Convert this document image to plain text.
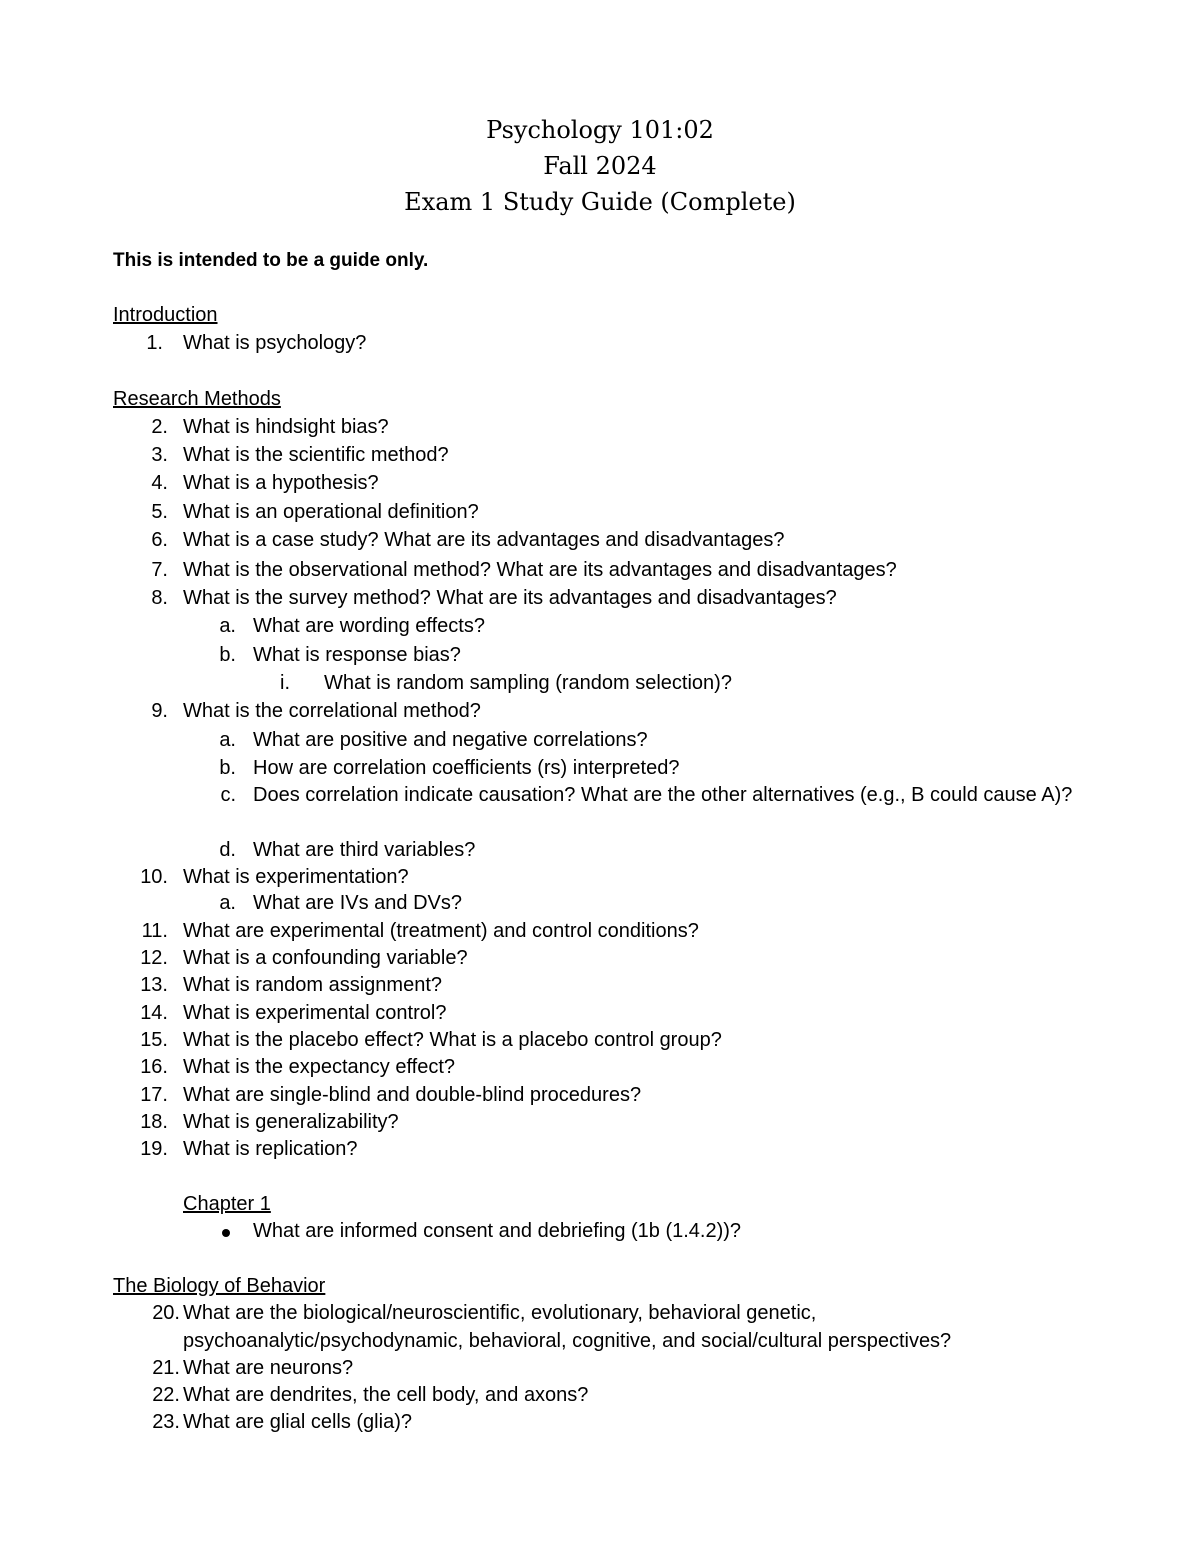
Psychology 101:02
Fall 2024
Exam 1 Study Guide (Complete)
This is intended to be a guide only.
Introduction
1. What is psychology?
Research Methods
2. What is hindsight bias?
3. What is the scientific method?
4. What is a hypothesis?
5. What is an operational definition?
6. What is a case study? What are its advantages and disadvantages?
7. What is the observational method? What are its advantages and disadvantages?
8. What is the survey method? What are its advantages and disadvantages?
a. What are wording effects?
b. What is response bias?
i. What is random sampling (random selection)?
9. What is the correlational method?
a. What are positive and negative correlations?
b. How are correlation coefficients (rs) interpreted?
c. Does correlation indicate causation? What are the other alternatives (e.g., B could cause A)?
d. What are third variables?
10. What is experimentation?
a. What are IVs and DVs?
11. What are experimental (treatment) and control conditions?
12. What is a confounding variable?
13. What is random assignment?
14. What is experimental control?
15. What is the placebo effect? What is a placebo control group?
16. What is the expectancy effect?
17. What are single-blind and double-blind procedures?
18. What is generalizability?
19. What is replication?
Chapter 1
What are informed consent and debriefing (1b (1.4.2))?
The Biology of Behavior
20. What are the biological/neuroscientific, evolutionary, behavioral genetic, psychoanalytic/psychodynamic, behavioral, cognitive, and social/cultural perspectives?
21. What are neurons?
22. What are dendrites, the cell body, and axons?
23. What are glial cells (glia)?
